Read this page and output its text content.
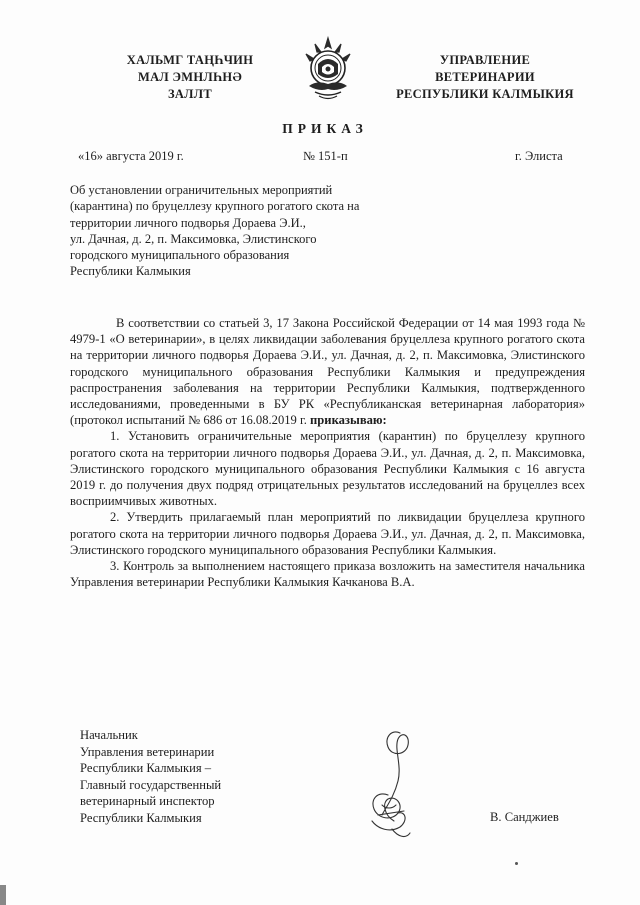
ХАЛЬМГ ТАҢҺЧИН
МАЛ ЭМНЛҺНӘ
ЗАЛЛТ
УПРАВЛЕНИЕ
ВЕТЕРИНАРИИ
РЕСПУБЛИКИ КАЛМЫКИЯ
ПРИКАЗ
«16» августа 2019 г.	№ 151-п	г. Элиста
Об установлении ограничительных мероприятий
(карантина) по бруцеллезу крупного рогатого скота на
территории личного подворья Дораева Э.И.,
ул. Дачная, д. 2, п. Максимовка, Элистинского
городского муниципального образования
Республики Калмыкия

В соответствии со статьей 3, 17 Закона Российской Федерации от 14 мая 1993 года № 4979-1 «О ветеринарии», в целях ликвидации заболевания бруцеллеза крупного рогатого скота на территории личного подворья Дораева Э.И., ул. Дачная, д. 2, п. Максимовка, Элистинского городского муниципального образования Республики Калмыкия и предупреждения распространения заболевания на территории Республики Калмыкия, подтвержденного исследованиями, проведенными в БУ РК «Республиканская ветеринарная лаборатория» (протокол испытаний № 686 от 16.08.2019 г. приказываю:

1. Установить ограничительные мероприятия (карантин) по бруцеллезу крупного рогатого скота на территории личного подворья Дораева Э.И., ул. Дачная, д. 2, п. Максимовка, Элистинского городского муниципального образования Республики Калмыкия с 16 августа 2019 г. до получения двух подряд отрицательных результатов исследований на бруцеллез всех восприимчивых животных.

2. Утвердить прилагаемый план мероприятий по ликвидации бруцеллеза крупного рогатого скота на территории личного подворья Дораева Э.И., ул. Дачная, д. 2, п. Максимовка, Элистинского городского муниципального образования Республики Калмыкия.

3. Контроль за выполнением настоящего приказа возложить на заместителя начальника Управления ветеринарии Республики Калмыкия Качканова В.А.

Начальник
Управления ветеринарии
Республики Калмыкия –
Главный государственный
ветеринарный инспектор
Республики Калмыкия	В. Санджиев
